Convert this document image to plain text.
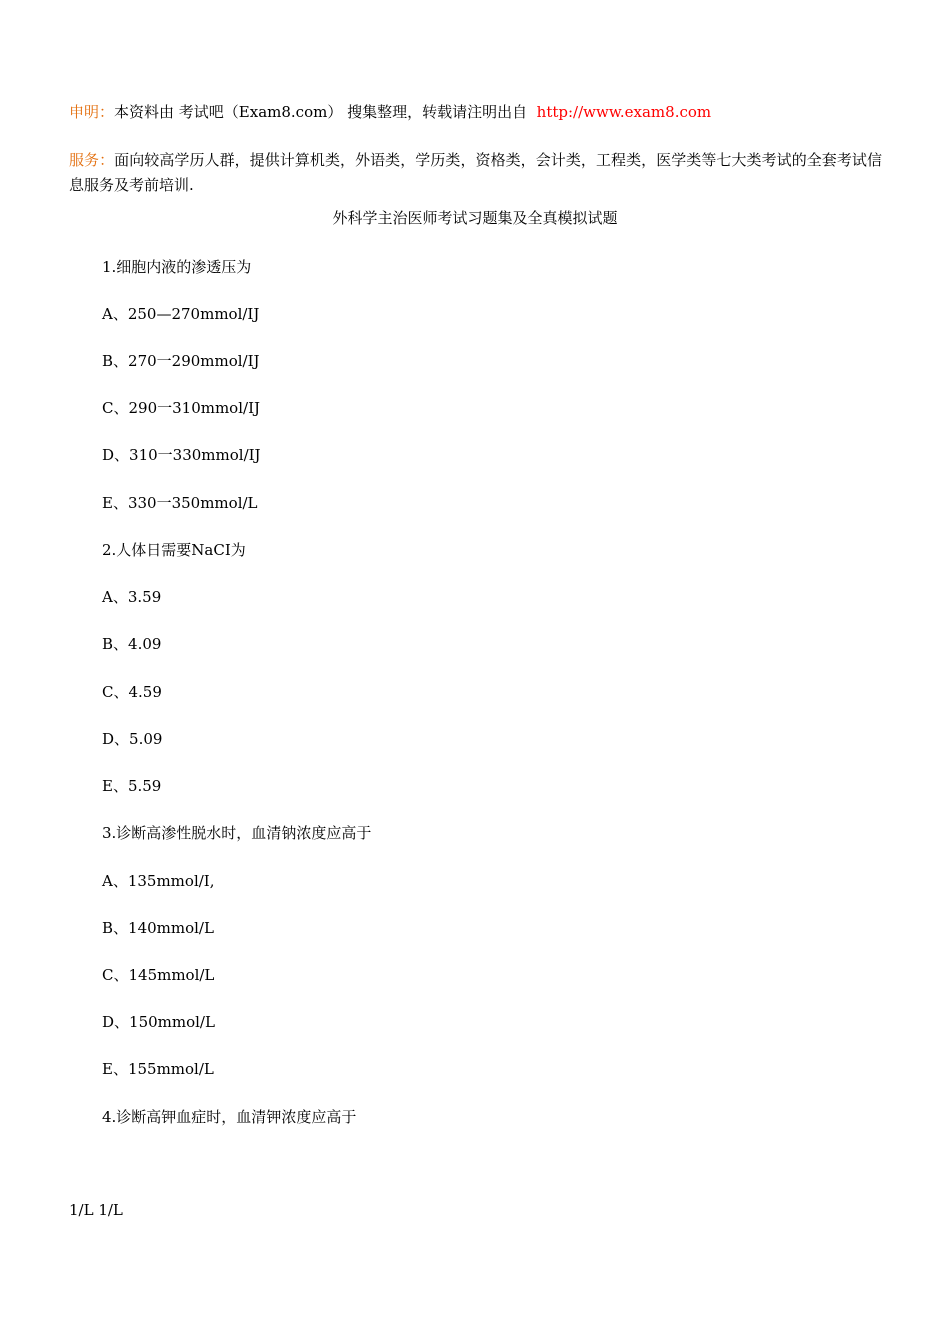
申明：本资料由 考试吧（Exam8.com） 搜集整理，转载请注明出自 http://www.exam8.com
服务：面向较高学历人群，提供计算机类，外语类，学历类，资格类，会计类，工程类，医学类等七大类考试的全套考试信息服务及考前培训.
外科学主治医师考试习题集及全真模拟试题
1.细胞内液的渗透压为
A、250—270mmol/IJ
B、270一290mmol/IJ
C、290一310mmol/IJ
D、310一330mmol/IJ
E、330一350mmol/L
2.人体日需要NaCI为
A、3.59
B、4.09
C、4.59
D、5.09
E、5.59
3.诊断高渗性脱水时，血清钠浓度应高于
A、135mmol/I,
B、140mmol/L
C、145mmol/L
D、150mmol/L
E、155mmol/L
4.诊断高钾血症时，血清钾浓度应高于
1/L 1/L
